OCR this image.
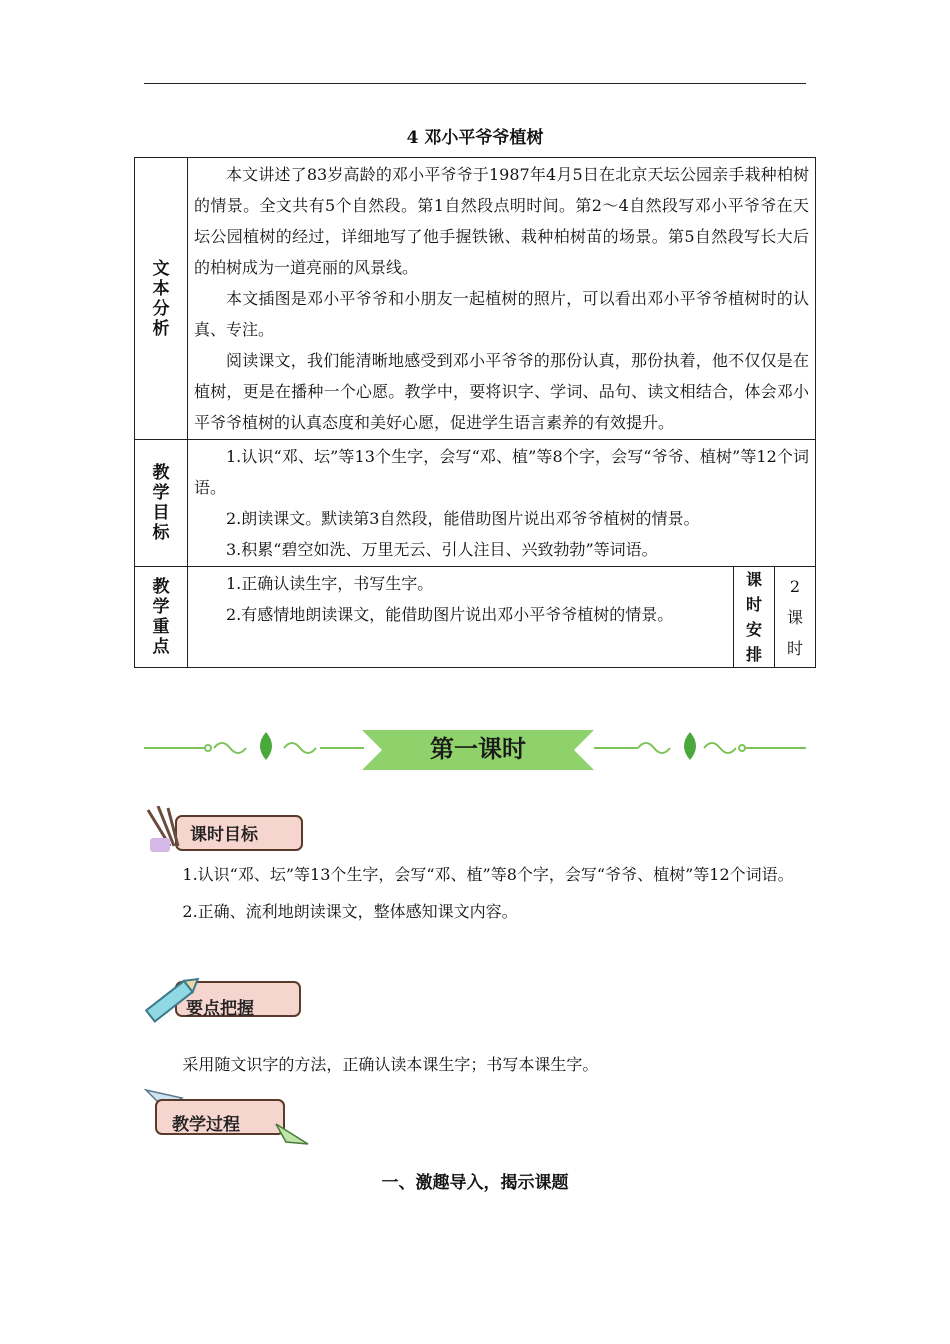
4 邓小平爷爷植树
文本分析	本文讲述了83岁高龄的邓小平爷爷于1987年4月5日在北京天坛公园亲手栽种柏树的情景。全文共有5个自然段。第1自然段点明时间。第2～4自然段写邓小平爷爷在天坛公园植树的经过，详细地写了他手握铁锹、栽种柏树苗的场景。第5自然段写长大后的柏树成为一道亮丽的风景线。

本文插图是邓小平爷爷和小朋友一起植树的照片，可以看出邓小平爷爷植树时的认真、专注。

阅读课文，我们能清晰地感受到邓小平爷爷的那份认真，那份执着，他不仅仅是在植树，更是在播种一个心愿。教学中，要将识字、学词、品句、读文相结合，体会邓小平爷爷植树的认真态度和美好心愿，促进学生语言素养的有效提升。		

教学目标	1.认识“邓、坛”等13个生字，会写“邓、植”等8个字，会写“爷爷、植树”等12个词语。

2.朗读课文。默读第3自然段，能借助图片说出邓爷爷植树的情景。

3.积累“碧空如洗、万里无云、引人注目、兴致勃勃”等词语。		

教学重点	1.正确认读生字，书写生字。

2.有感情地朗读课文，能借助图片说出邓小平爷爷植树的情景。	课时安排	2课时
第一课时
课时目标

1.认识“邓、坛”等13个生字，会写“邓、植”等8个字，会写“爷爷、植树”等12个词语。

2.正确、流利地朗读课文，整体感知课文内容。

要点把握

采用随文识字的方法，正确认读本课生字；书写本课生字。

教学过程
一、激趣导入，揭示课题
